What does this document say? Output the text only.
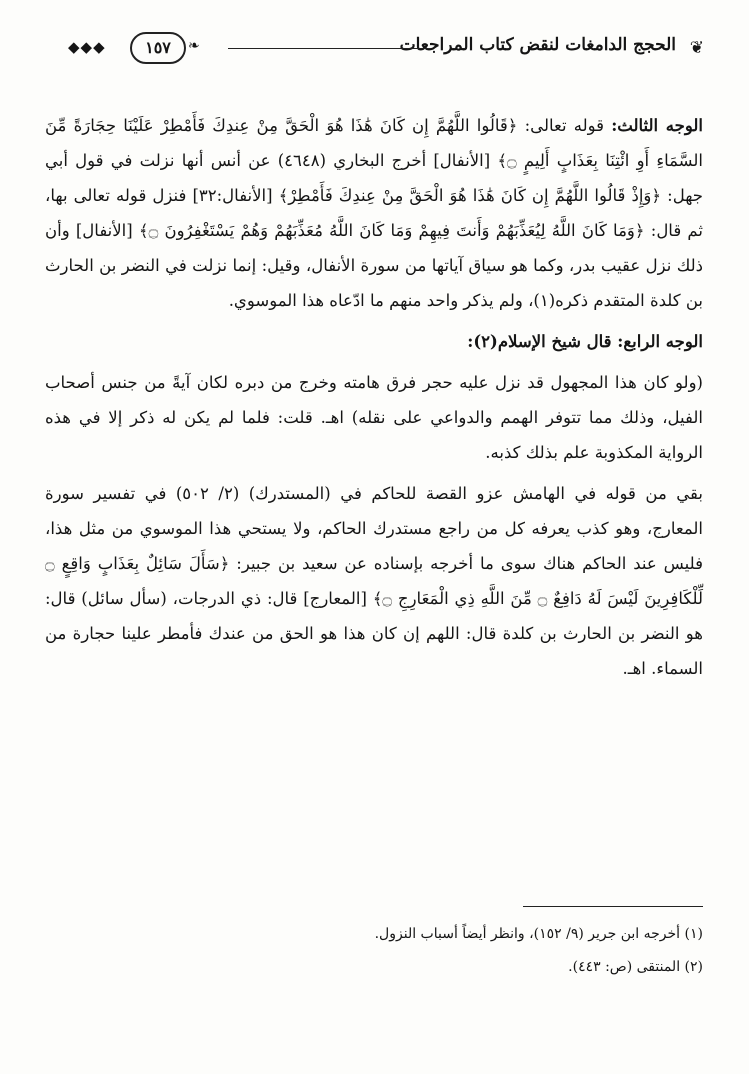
❦
الحجج الدامغات لنقض كتاب المراجعات
❧
١٥٧
◆◆◆

الوجه الثالث: قوله تعالى: ﴿قَالُوا اللَّهُمَّ إِن كَانَ هَٰذَا هُوَ الْحَقَّ مِنْ عِندِكَ فَأَمْطِرْ عَلَيْنَا حِجَارَةً مِّنَ السَّمَاءِ أَوِ ائْتِنَا بِعَذَابٍ أَلِيمٍ ۝﴾ [الأنفال] أخرج البخاري (٤٦٤٨) عن أنس أنها نزلت في قول أبي جهل: ﴿وَإِذْ قَالُوا اللَّهُمَّ إِن كَانَ هَٰذَا هُوَ الْحَقَّ مِنْ عِندِكَ فَأَمْطِرْ﴾ [الأنفال:٣٢] فنزل قوله تعالى بها، ثم قال: ﴿وَمَا كَانَ اللَّهُ لِيُعَذِّبَهُمْ وَأَنتَ فِيهِمْ وَمَا كَانَ اللَّهُ مُعَذِّبَهُمْ وَهُمْ يَسْتَغْفِرُونَ ۝﴾ [الأنفال] وأن ذلك نزل عقيب بدر، وكما هو سياق آياتها من سورة الأنفال، وقيل: إنما نزلت في النضر بن الحارث بن كلدة المتقدم ذكره(١)، ولم يذكر واحد منهم ما ادّعاه هذا الموسوي.

الوجه الرابع: قال شيخ الإسلام(٢):

(ولو كان هذا المجهول قد نزل عليه حجر فرق هامته وخرج من دبره لكان آيةً من جنس أصحاب الفيل، وذلك مما تتوفر الهمم والدواعي على نقله) اهـ. قلت: فلما لم يكن له ذكر إلا في هذه الرواية المكذوبة علم بذلك كذبه.

بقي من قوله في الهامش عزو القصة للحاكم في (المستدرك) (٢/ ٥٠٢) في تفسير سورة المعارج، وهو كذب يعرفه كل من راجع مستدرك الحاكم، ولا يستحي هذا الموسوي من مثل هذا، فليس عند الحاكم هناك سوى ما أخرجه بإسناده عن سعيد بن جبير: ﴿سَأَلَ سَائِلٌ بِعَذَابٍ وَاقِعٍ ۝ لِّلْكَافِرِينَ لَيْسَ لَهُ دَافِعٌ ۝ مِّنَ اللَّهِ ذِي الْمَعَارِجِ ۝﴾ [المعارج] قال: ذي الدرجات، (سأل سائل) قال: هو النضر بن الحارث بن كلدة قال: اللهم إن كان هذا هو الحق من عندك فأمطر علينا حجارة من السماء. اهـ.

(١) أخرجه ابن جرير (٩/ ١٥٢)، وانظر أيضاً أسباب النزول.

(٢) المنتقى (ص: ٤٤٣).
